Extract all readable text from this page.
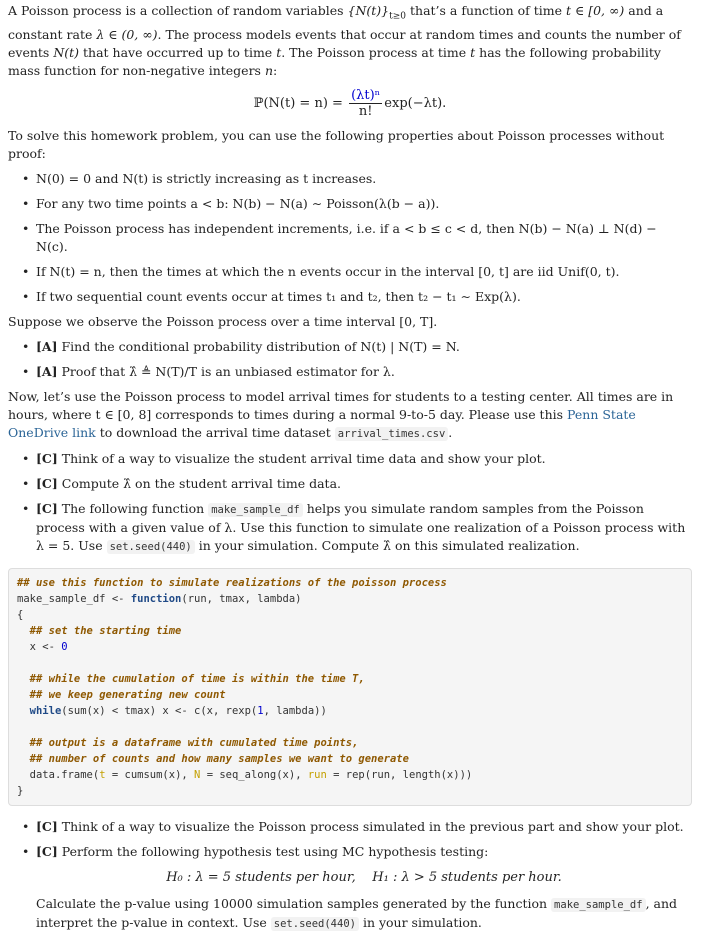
A Poisson process is a collection of random variables $\{N(t)\}_{t\ge 0}$ that’s a function of time t ∈ [0, ∞) and a constant rate λ ∈ (0, ∞). The process models events that occur at random times and counts the number of events N(t) that have occurred up to time t. The Poisson process at time t has the following probability mass function for non-negative integers n:

ℙ(N(t) = $n) = \frac{\text{(λt)ⁿ}}{n!} \exp(-\lambda t)$.

To solve this homework problem, you can use the following properties about Poisson processes without proof:

• N(0) = 0 and N(t) is strictly increasing as t increases.
• For any two time points a < b: N(b) − N(a) ∼ Poisson(λ(b − a)).
• The Poisson process has independent increments, i.e. if a < b ≤ c < d, then N(b) − N(a) ⊥ N(d) − N(c).
• If N(t) = n, then the times at which the n events occur in the interval [0, t] are iid Unif(0, t).
• If two sequential count events occur at times t₁ and t₂, then t₂ − t₁ ∼ Exp(λ).

Suppose we observe the Poisson process over a time interval [0, T].

• [A] Find the conditional probability distribution of N(t) | N(T) = N.
• [A] Proof that λ̂ ≜ N(T)/T is an unbiased estimator for λ.

Now, let’s use the Poisson process to model arrival times for students to a testing center. All times are in hours, where t ∈ [0, 8] corresponds to times during a normal 9-to-5 day. Please use this Penn State OneDrive link to download the arrival time dataset arrival_times.csv .

• [C] Think of a way to visualize the student arrival time data and show your plot.
• [C] Compute λ̂ on the student arrival time data.
• [C] The following function make_sample_df helps you simulate random samples from the Poisson process with a given value of λ. Use this function to simulate one realization of a Poisson process with λ = 5. Use set.seed(440) in your simulation. Compute λ̂ on this simulated realization.
## use this function to simulate realizations of the poisson process
make_sample_df <- function(run, tmax, lambda)
{
## set the starting time
x <- 0

## while the cumulation of time is within the time T,
## we keep generating new count
while(sum(x) < tmax) x <- c(x, rexp(1, lambda))

## output is a dataframe with cumulated time points,
## number of counts and how many samples we want to generate
data.frame(t = cumsum(x), N = seq_along(x), run = rep(run, length(x)))
}
• [C] Think of a way to visualize the Poisson process simulated in the previous part and show your plot.
• [C] Perform the following hypothesis test using MC hypothesis testing:
H₀ : λ = 5 students per hour, H₁ : λ > 5 students per hour.

Calculate the p-value using 10000 simulation samples generated by the function make_sample_df , and interpret the p-value in context. Use set.seed(440) in your simulation.
